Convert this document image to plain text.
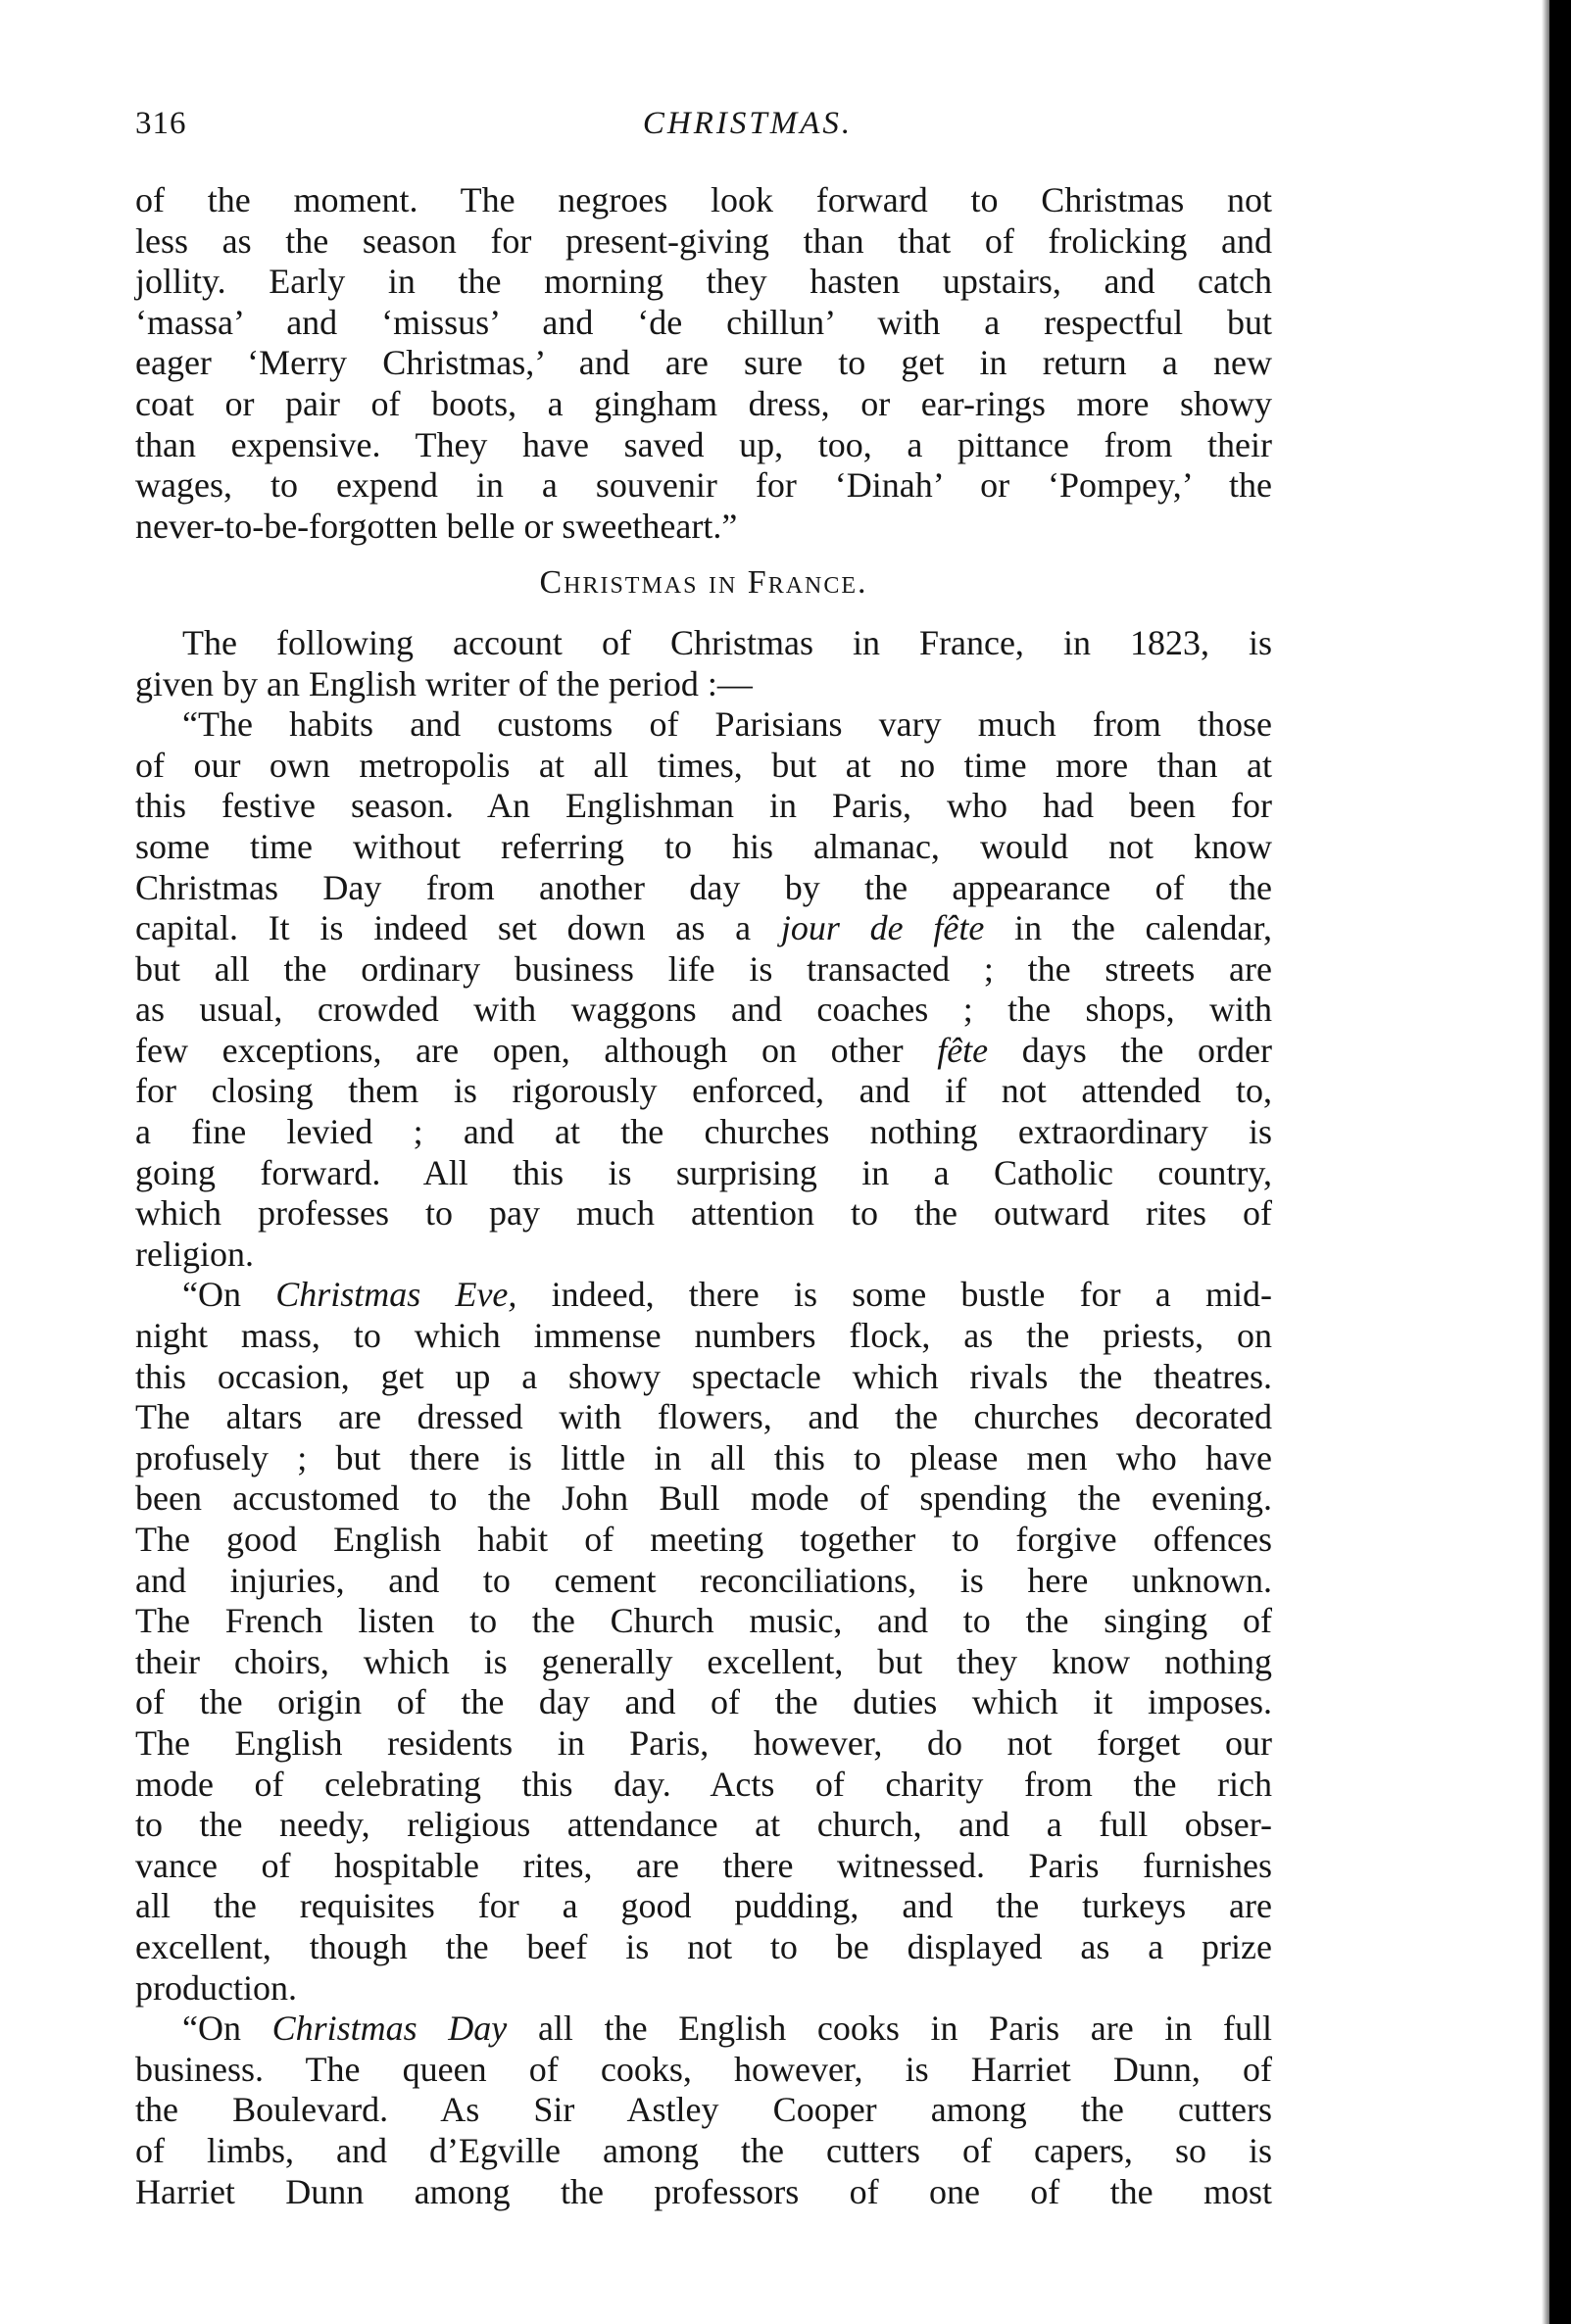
316	CHRISTMAS.
of the moment. The negroes look forward to Christmas not
less as the season for present-giving than that of frolicking and
jollity. Early in the morning they hasten upstairs, and catch
‘massa’ and ‘missus’ and ‘de chillun’ with a respectful but
eager ‘Merry Christmas,’ and are sure to get in return a new
coat or pair of boots, a gingham dress, or ear-rings more showy
than expensive. They have saved up, too, a pittance from their
wages, to expend in a souvenir for ‘Dinah’ or ‘Pompey,’ the
never-to-be-forgotten belle or sweetheart.”
Christmas in France.
The following account of Christmas in France, in 1823, is
given by an English writer of the period :—
“The habits and customs of Parisians vary much from those
of our own metropolis at all times, but at no time more than at
this festive season. An Englishman in Paris, who had been for
some time without referring to his almanac, would not know
Christmas Day from another day by the appearance of the
capital. It is indeed set down as a jour de fête in the calendar,
but all the ordinary business life is transacted ; the streets are
as usual, crowded with waggons and coaches ; the shops, with
few exceptions, are open, although on other fête days the order
for closing them is rigorously enforced, and if not attended to,
a fine levied ; and at the churches nothing extraordinary is
going forward. All this is surprising in a Catholic country,
which professes to pay much attention to the outward rites of
religion.
“On Christmas Eve, indeed, there is some bustle for a mid-
night mass, to which immense numbers flock, as the priests, on
this occasion, get up a showy spectacle which rivals the theatres.
The altars are dressed with flowers, and the churches decorated
profusely ; but there is little in all this to please men who have
been accustomed to the John Bull mode of spending the evening.
The good English habit of meeting together to forgive offences
and injuries, and to cement reconciliations, is here unknown.
The French listen to the Church music, and to the singing of
their choirs, which is generally excellent, but they know nothing
of the origin of the day and of the duties which it imposes.
The English residents in Paris, however, do not forget our
mode of celebrating this day. Acts of charity from the rich
to the needy, religious attendance at church, and a full obser-
vance of hospitable rites, are there witnessed. Paris furnishes
all the requisites for a good pudding, and the turkeys are
excellent, though the beef is not to be displayed as a prize
production.
“On Christmas Day all the English cooks in Paris are in full
business. The queen of cooks, however, is Harriet Dunn, of
the Boulevard. As Sir Astley Cooper among the cutters
of limbs, and d’Egville among the cutters of capers, so is
Harriet Dunn among the professors of one of the most
